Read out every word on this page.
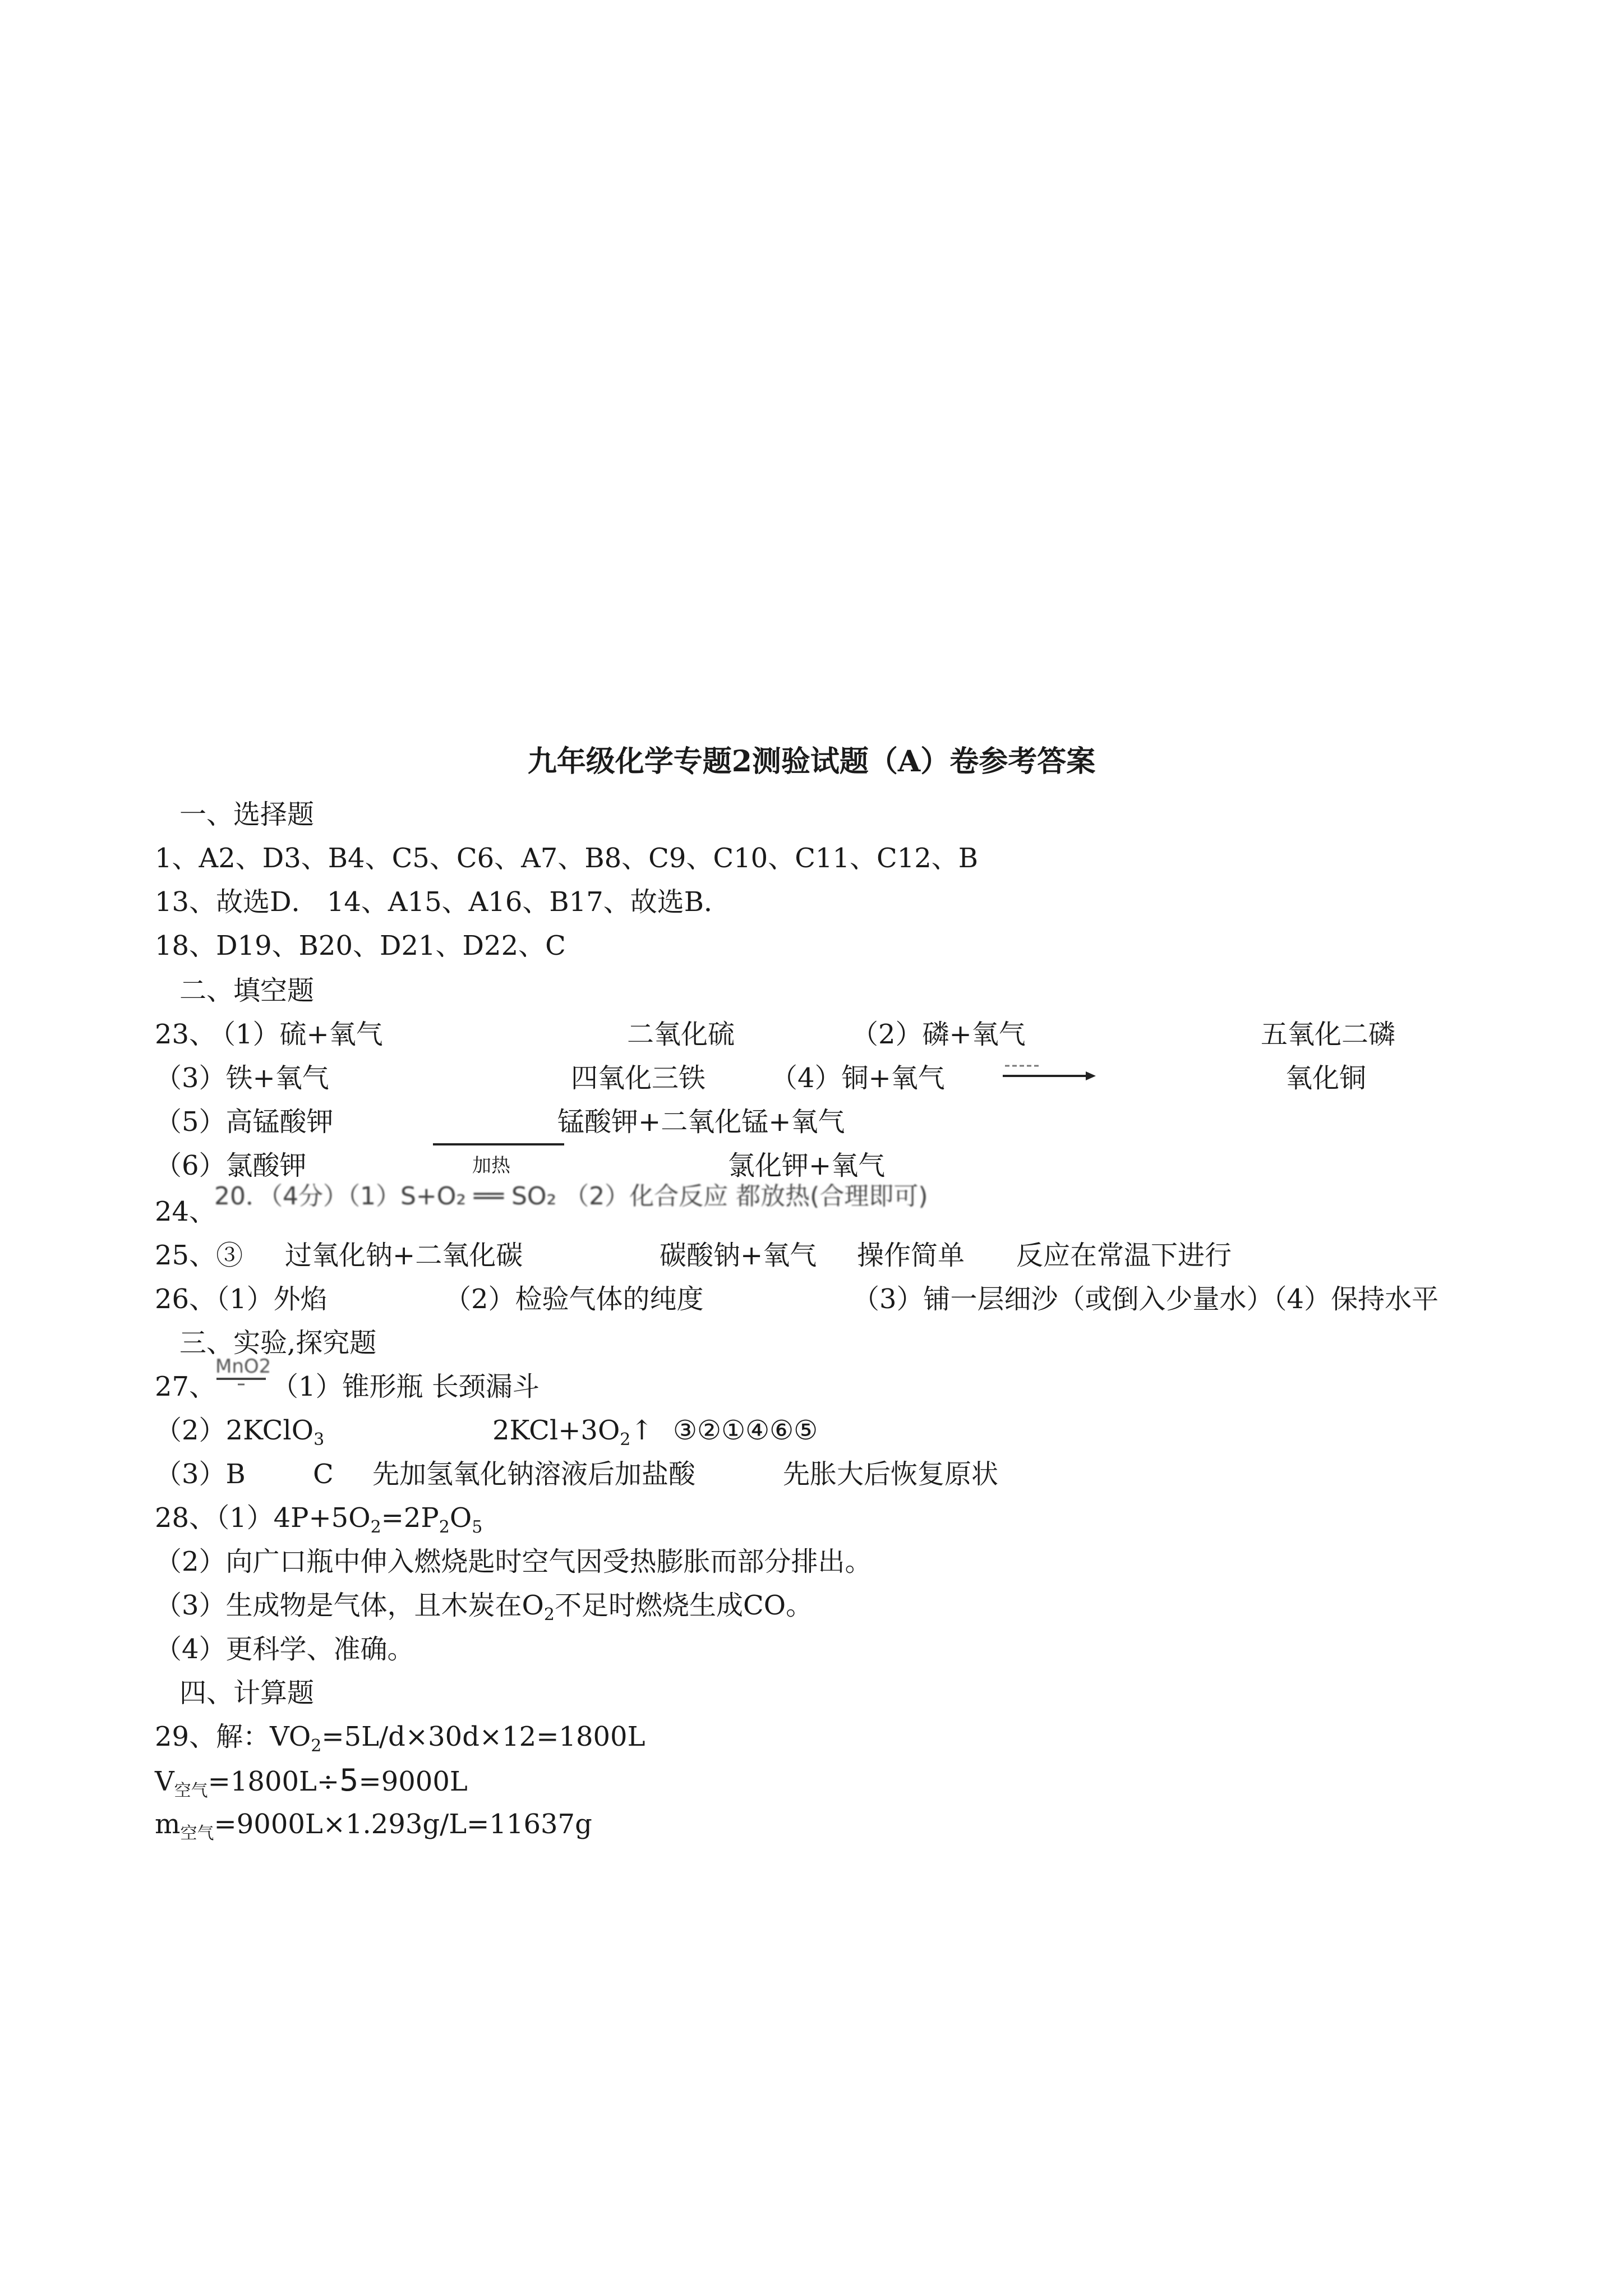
九年级化学专题2测验试题（A）卷参考答案
一、选择题
1、A2、D3、B4、C5、C6、A7、B8、C9、C10、C11、C12、B
13、故选D． 14、A15、A16、B17、故选B．
18、D19、B20、D21、D22、C
二、填空题
23、
（1）硫+氧气	二氧化硫	（2）磷+氧气	五氧化二磷
（3）铁+氧气	四氧化三铁 （4）铜+氧气	氧化铜
（5）高锰酸钾	锰酸钾+二氧化锰+氧气
（6）氯酸钾	加热	氯化钾+氧气
20．（4分）（1）S+O₂ ══ SO₂ （2）化合反应 都放热(合理即可)
24、
25、③ 过氧化钠+二氧化碳	碳酸钠+氧气 操作简单 反应在常温下进行
26、（1）外焰	（2）检验气体的纯度	（3）铺一层细沙（或倒入少量水）（4）保持水平
三、实验,探究题
27、
MnO2
（1）锥形瓶 长颈漏斗
（2）2KClO$_3$	$2KCl+3O_2↑$ ③②①④⑥⑤
（3）B	C 先加氢氧化钠溶液后加盐酸	先胀大后恢复原状
28、$(1)4P+5O_2=2P_2O_5$
（2）向广口瓶中伸入燃烧匙时空气因受热膨胀而部分排出。
（3）生成物是气体，且木炭在$O_2$不足时燃烧生成CO。
（4）更科学、准确。
四、计算题
29、解：$VO_2=5L/d\times 30d\times 12=1800L$
$V_{空气}=1800L\div 5=9000L$
$m_{空气}=9000L\times 1.293g/L=11637g$
